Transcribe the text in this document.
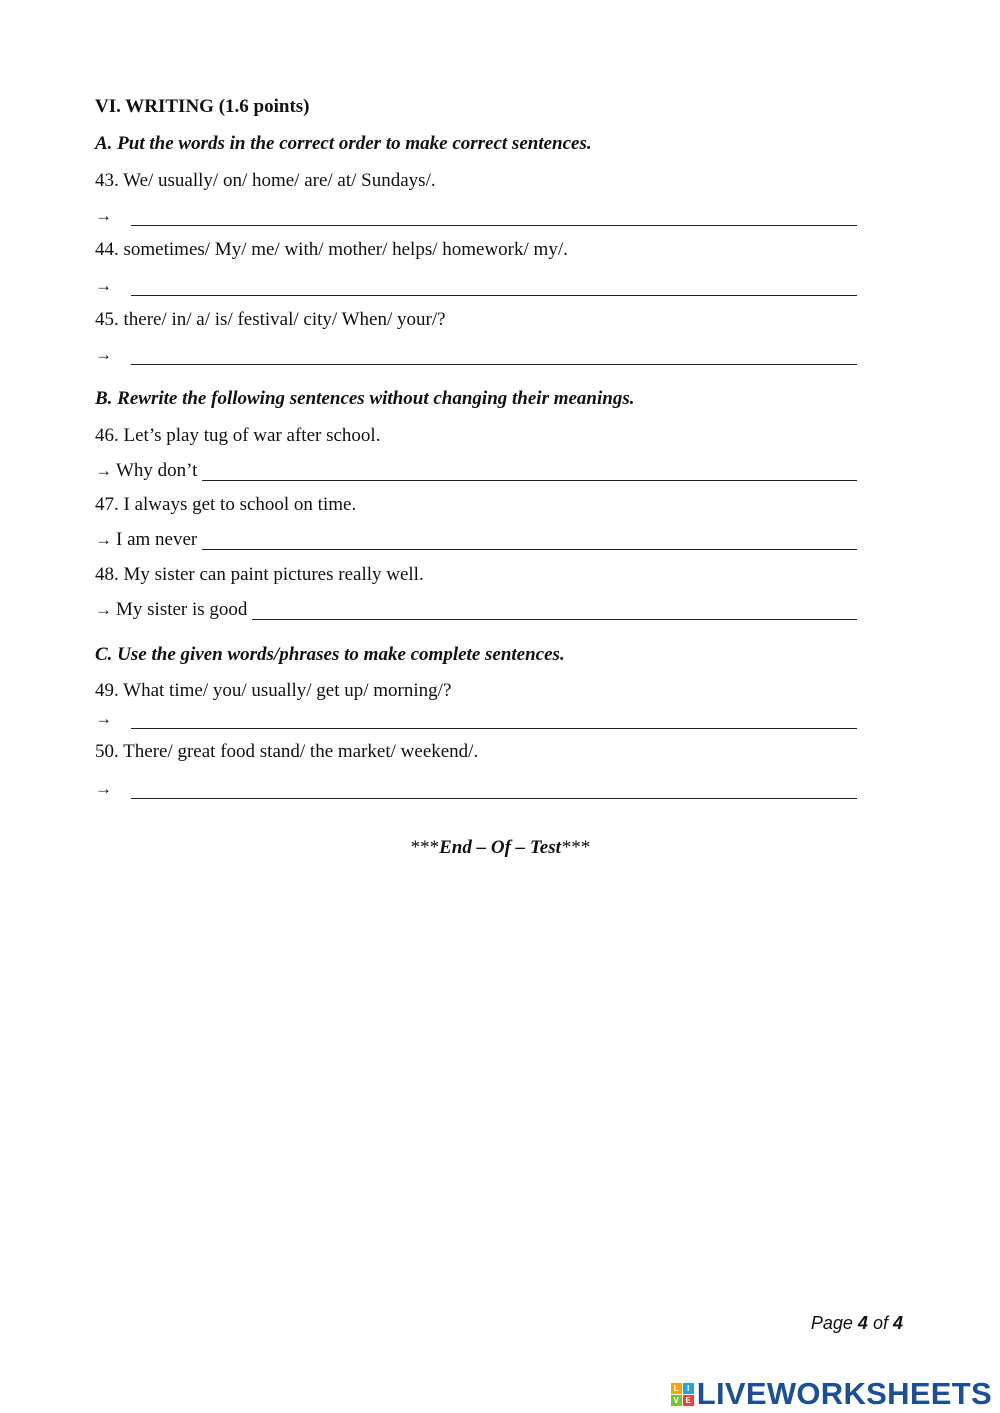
VI. WRITING (1.6 points)
A. Put the words in the correct order to make correct sentences.
43. We/ usually/ on/ home/ are/ at/ Sundays/.
→
44. sometimes/ My/ me/ with/ mother/ helps/ homework/ my/.
→
45. there/ in/ a/ is/ festival/ city/ When/ your/?
→
B. Rewrite the following sentences without changing their meanings.
46. Let’s play tug of war after school.
→ Why don’t
47. I always get to school on time.
→ I am never
48. My sister can paint pictures really well.
→ My sister is good
C. Use the given words/phrases to make complete sentences.
49. What time/ you/ usually/ get up/ morning/?
→
50. There/ great food stand/ the market/ weekend/.
→
***End – Of – Test***
Page 4 of 4
L	I
V E LIVEWORKSHEETS
